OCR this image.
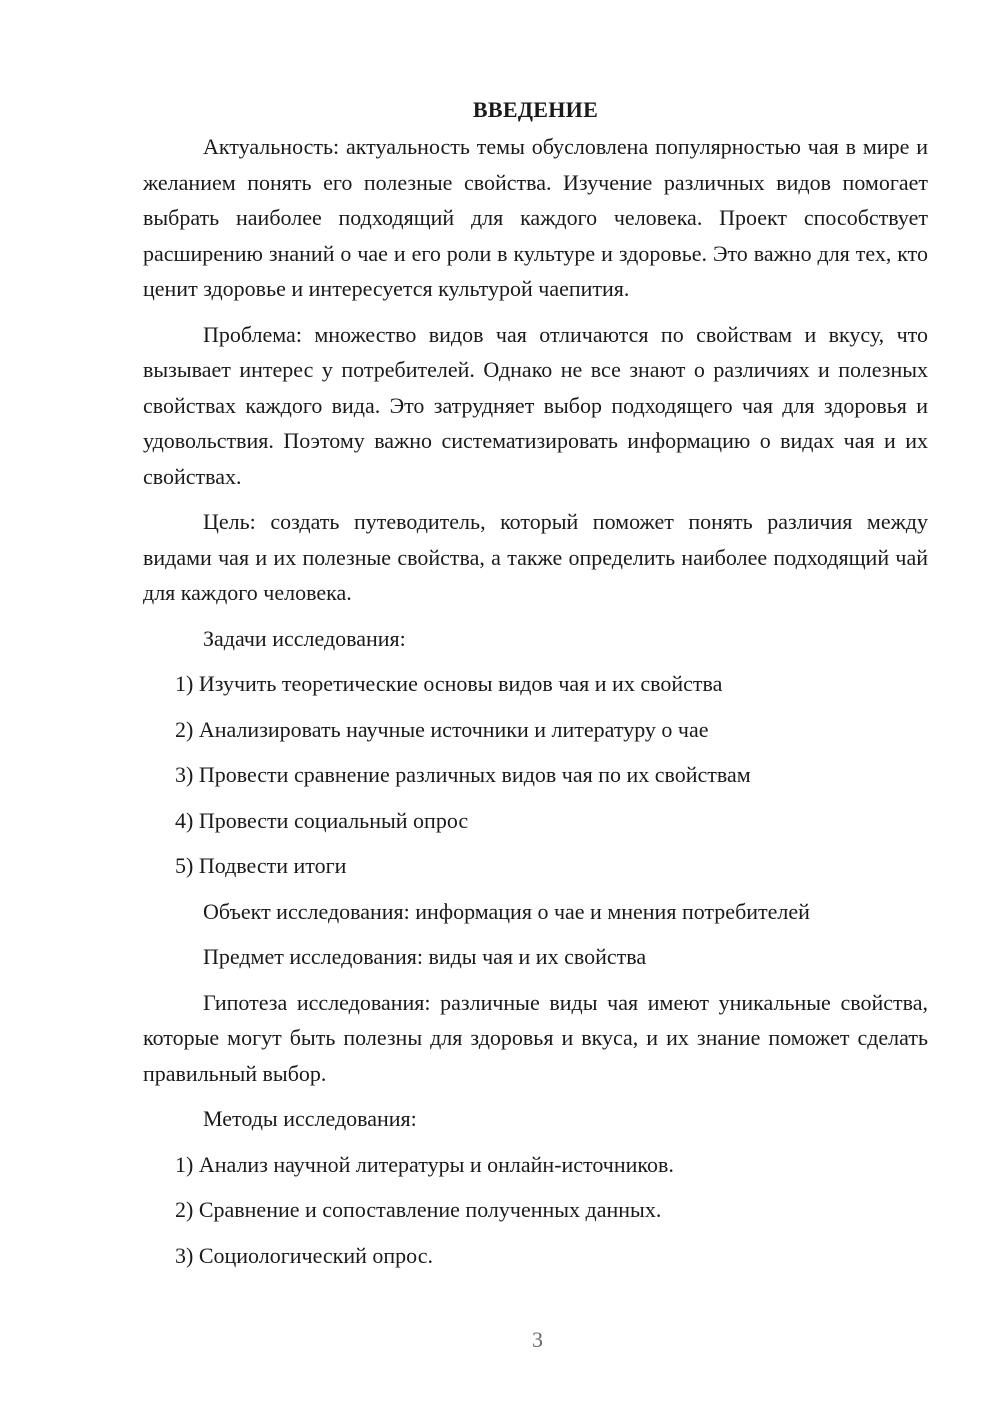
ВВЕДЕНИЕ
Актуальность: актуальность темы обусловлена популярностью чая в мире и желанием понять его полезные свойства. Изучение различных видов помогает выбрать наиболее подходящий для каждого человека. Проект способствует расширению знаний о чае и его роли в культуре и здоровье. Это важно для тех, кто ценит здоровье и интересуется культурой чаепития.
Проблема: множество видов чая отличаются по свойствам и вкусу, что вызывает интерес у потребителей. Однако не все знают о различиях и полезных свойствах каждого вида. Это затрудняет выбор подходящего чая для здоровья и удовольствия. Поэтому важно систематизировать информацию о видах чая и их свойствах.
Цель: создать путеводитель, который поможет понять различия между видами чая и их полезные свойства, а также определить наиболее подходящий чай для каждого человека.
Задачи исследования:
1) Изучить теоретические основы видов чая и их свойства
2) Анализировать научные источники и литературу о чае
3) Провести сравнение различных видов чая по их свойствам
4) Провести социальный опрос
5) Подвести итоги
Объект исследования: информация о чае и мнения потребителей
Предмет исследования: виды чая и их свойства
Гипотеза исследования: различные виды чая имеют уникальные свойства, которые могут быть полезны для здоровья и вкуса, и их знание поможет сделать правильный выбор.
Методы исследования:
1) Анализ научной литературы и онлайн-источников.
2) Сравнение и сопоставление полученных данных.
3) Социологический опрос.
3
